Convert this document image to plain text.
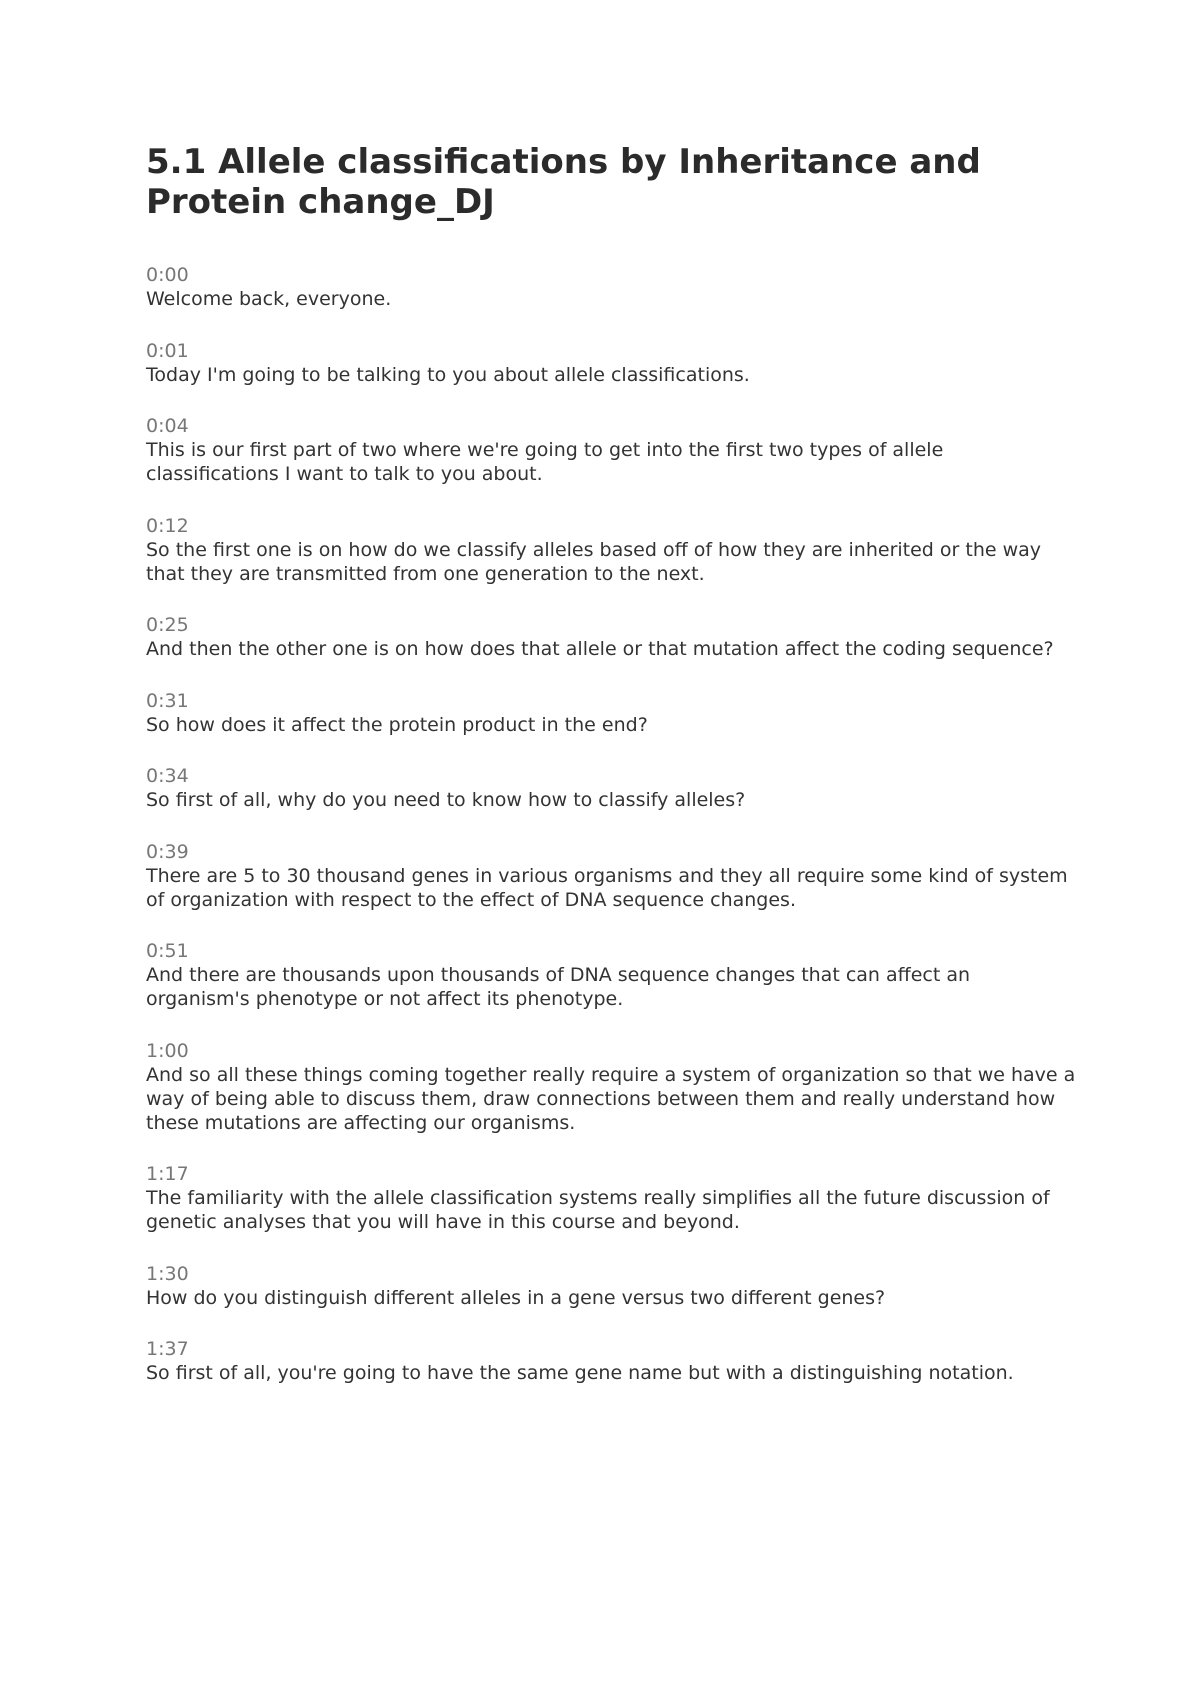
5.1 Allele classifications by Inheritance and Protein change_DJ
0:00
Welcome back, everyone.
0:01
Today I'm going to be talking to you about allele classifications.
0:04
This is our first part of two where we're going to get into the first two types of allele classifications I want to talk to you about.
0:12
So the first one is on how do we classify alleles based off of how they are inherited or the way that they are transmitted from one generation to the next.
0:25
And then the other one is on how does that allele or that mutation affect the coding sequence?
0:31
So how does it affect the protein product in the end?
0:34
So first of all, why do you need to know how to classify alleles?
0:39
There are 5 to 30 thousand genes in various organisms and they all require some kind of system of organization with respect to the effect of DNA sequence changes.
0:51
And there are thousands upon thousands of DNA sequence changes that can affect an organism's phenotype or not affect its phenotype.
1:00
And so all these things coming together really require a system of organization so that we have a way of being able to discuss them, draw connections between them and really understand how these mutations are affecting our organisms.
1:17
The familiarity with the allele classification systems really simplifies all the future discussion of genetic analyses that you will have in this course and beyond.
1:30
How do you distinguish different alleles in a gene versus two different genes?
1:37
So first of all, you're going to have the same gene name but with a distinguishing notation.
